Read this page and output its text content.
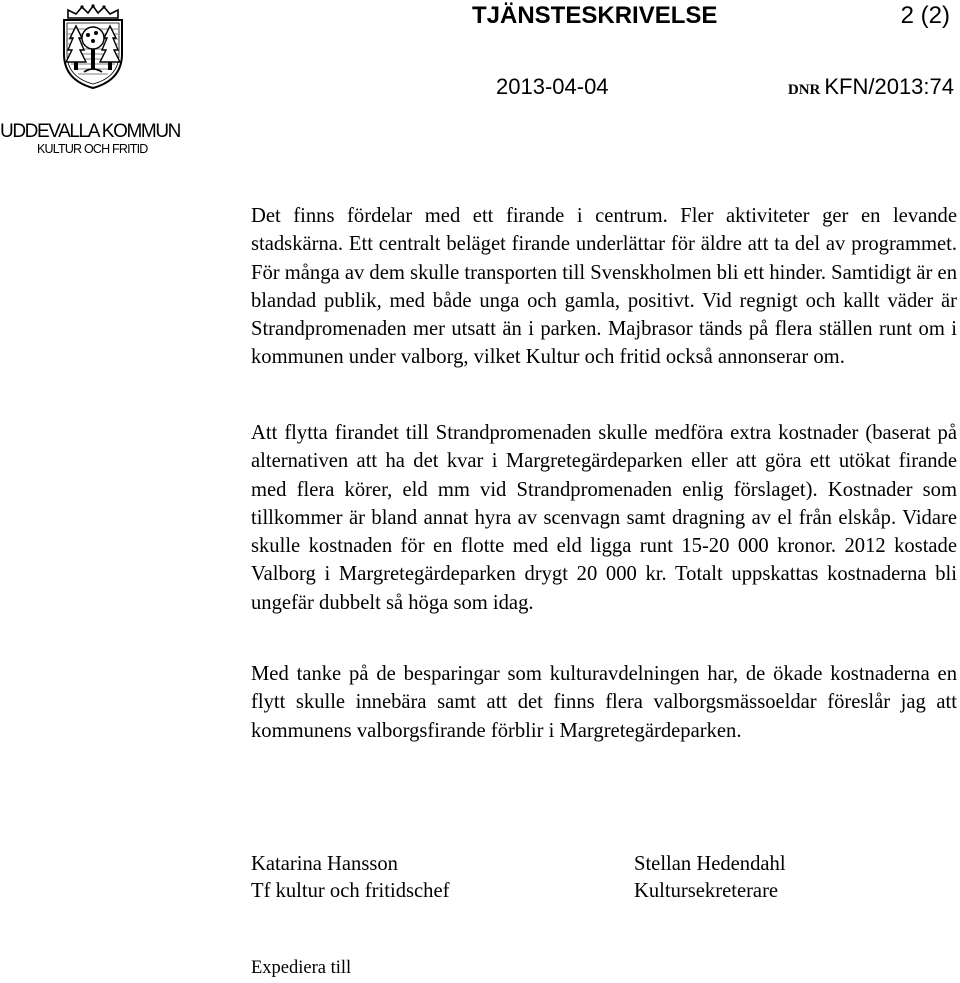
TJÄNSTESKRIVELSE	2 (2)
2013-04-04	DNR KFN/2013:74
UDDEVALLA KOMMUN
KULTUR OCH FRITID

Det finns fördelar med ett firande i centrum. Fler aktiviteter ger en levande stadskärna. Ett centralt beläget firande underlättar för äldre att ta del av programmet. För många av dem skulle transporten till Svenskholmen bli ett hinder. Samtidigt är en blandad publik, med både unga och gamla, positivt. Vid regnigt och kallt väder är Strandpromenaden mer utsatt än i parken. Majbrasor tänds på flera ställen runt om i kommunen under valborg, vilket Kultur och fritid också annonserar om.

Att flytta firandet till Strandpromenaden skulle medföra extra kostnader (baserat på alternativen att ha det kvar i Margretegärdeparken eller att göra ett utökat firande med flera körer, eld mm vid Strandpromenaden enlig förslaget). Kostnader som tillkommer är bland annat hyra av scenvagn samt dragning av el från elskåp. Vidare skulle kostnaden för en flotte med eld ligga runt 15-20 000 kronor. 2012 kostade Valborg i Margretegärdeparken drygt 20 000 kr. Totalt uppskattas kostnaderna bli ungefär dubbelt så höga som idag.

Med tanke på de besparingar som kulturavdelningen har, de ökade kostnaderna en flytt skulle innebära samt att det finns flera valborgsmässoeldar föreslår jag att kommunens valborgsfirande förblir i Margretegärdeparken.

Katarina Hansson
Tf kultur och fritidschef
Stellan Hedendahl
Kultursekreterare
Expediera till
